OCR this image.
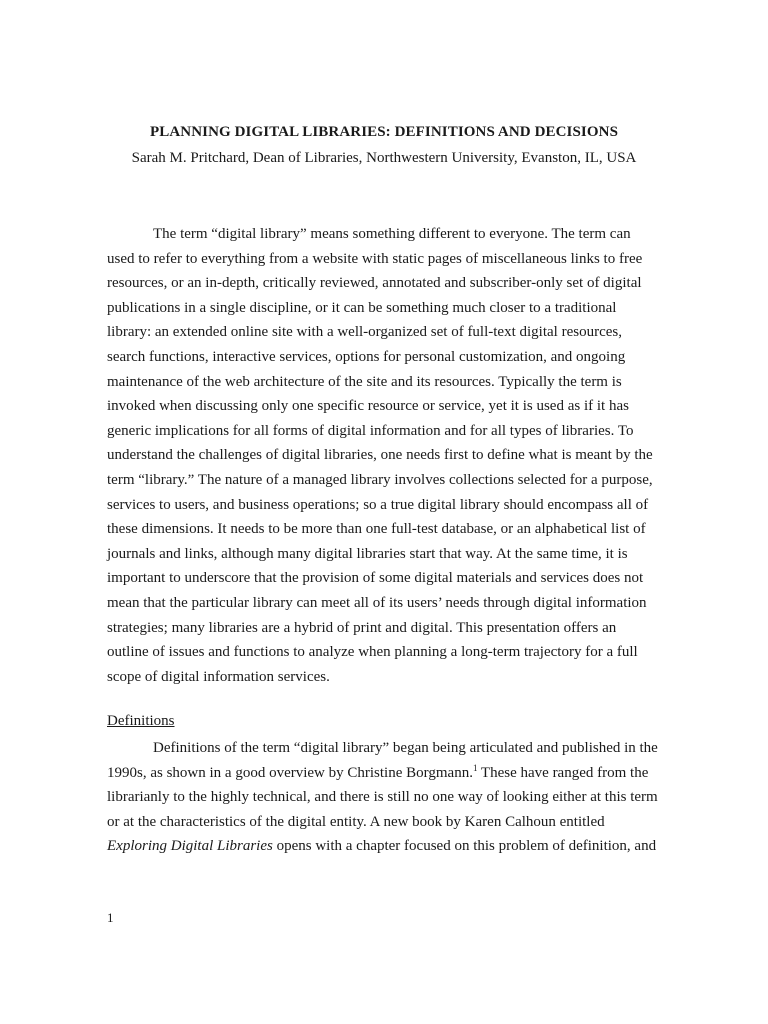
PLANNING DIGITAL LIBRARIES: DEFINITIONS AND DECISIONS

Sarah M. Pritchard, Dean of Libraries, Northwestern University, Evanston, IL, USA

The term “digital library” means something different to everyone. The term can
used to refer to everything from a website with static pages of miscellaneous links to free
resources, or an in-depth, critically reviewed, annotated and subscriber-only set of digital
publications in a single discipline, or it can be something much closer to a traditional
library: an extended online site with a well-organized set of full-text digital resources,
search functions, interactive services, options for personal customization, and ongoing
maintenance of the web architecture of the site and its resources. Typically the term is
invoked when discussing only one specific resource or service, yet it is used as if it has
generic implications for all forms of digital information and for all types of libraries. To
understand the challenges of digital libraries, one needs first to define what is meant by the
term “library.” The nature of a managed library involves collections selected for a purpose,
services to users, and business operations; so a true digital library should encompass all of
these dimensions. It needs to be more than one full-test database, or an alphabetical list of
journals and links, although many digital libraries start that way. At the same time, it is
important to underscore that the provision of some digital materials and services does not
mean that the particular library can meet all of its users’ needs through digital information
strategies; many libraries are a hybrid of print and digital. This presentation offers an
outline of issues and functions to analyze when planning a long-term trajectory for a full
scope of digital information services.

Definitions

Definitions of the term “digital library” began being articulated and published in the
1990s, as shown in a good overview by Christine Borgmann.$^1$ These have ranged from the
librarianly to the highly technical, and there is still no one way of looking either at this term
or at the characteristics of the digital entity. A new book by Karen Calhoun entitled
Exploring Digital Libraries opens with a chapter focused on this problem of definition, and

1
